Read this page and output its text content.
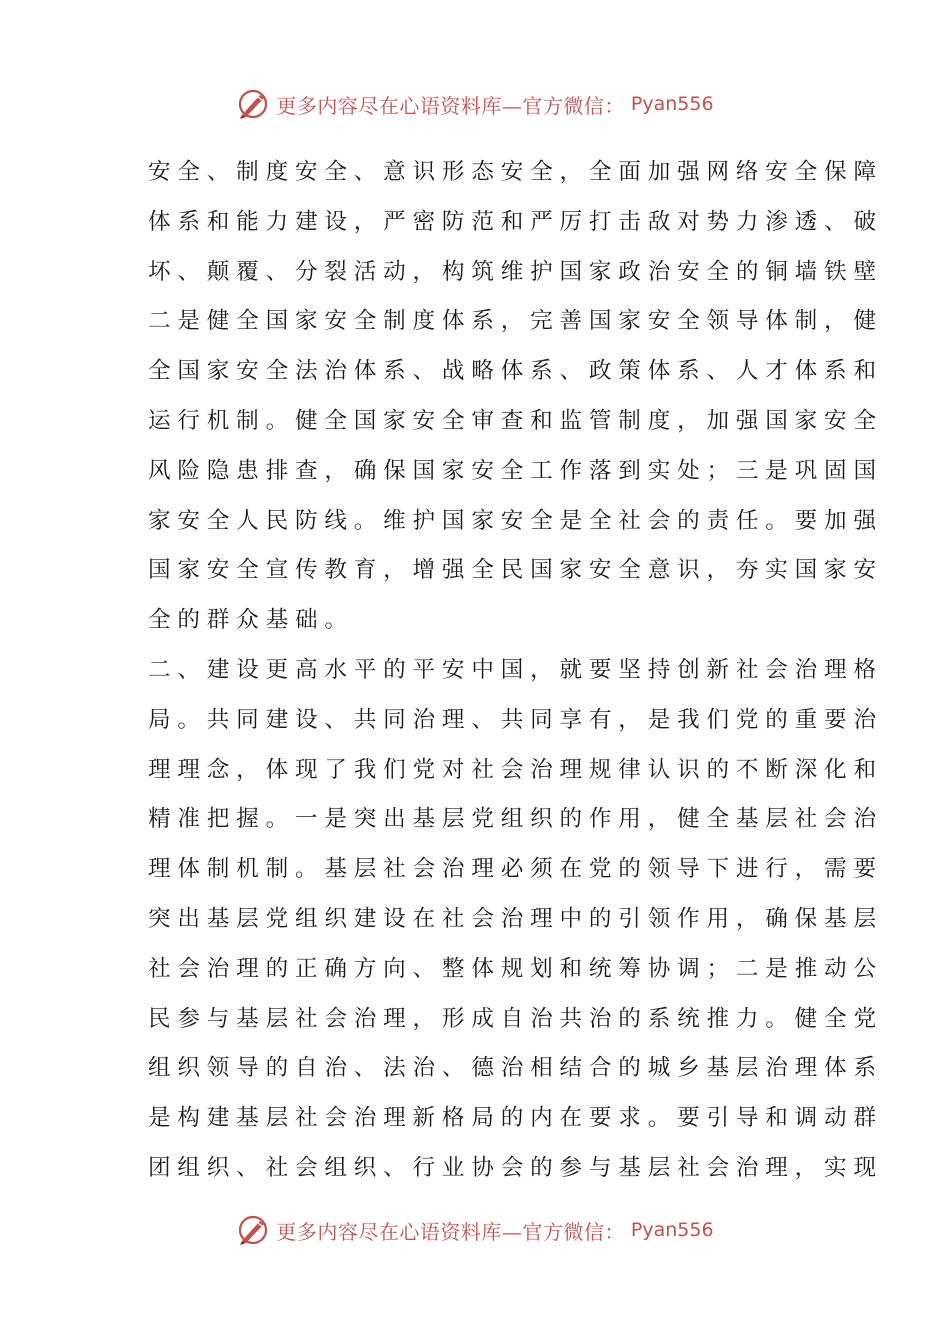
更多内容尽在心语资料库—官方微信： Pyan556
安全、制度安全、意识形态安全，全面加强网络安全保障
体系和能力建设，严密防范和严厉打击敌对势力渗透、破
坏、颠覆、分裂活动，构筑维护国家政治安全的铜墙铁壁
二是健全国家安全制度体系，完善国家安全领导体制，健
全国家安全法治体系、战略体系、政策体系、人才体系和
运行机制。健全国家安全审查和监管制度，加强国家安全
风险隐患排查，确保国家安全工作落到实处；三是巩固国
家安全人民防线。维护国家安全是全社会的责任。要加强
国家安全宣传教育，增强全民国家安全意识，夯实国家安
全的群众基础。
二、建设更高水平的平安中国，就要坚持创新社会治理格
局。共同建设、共同治理、共同享有，是我们党的重要治
理理念，体现了我们党对社会治理规律认识的不断深化和
精准把握。一是突出基层党组织的作用，健全基层社会治
理体制机制。基层社会治理必须在党的领导下进行，需要
突出基层党组织建设在社会治理中的引领作用，确保基层
社会治理的正确方向、整体规划和统筹协调；二是推动公
民参与基层社会治理，形成自治共治的系统推力。健全党
组织领导的自治、法治、德治相结合的城乡基层治理体系
是构建基层社会治理新格局的内在要求。要引导和调动群
团组织、社会组织、行业协会的参与基层社会治理，实现
更多内容尽在心语资料库—官方微信： Pyan556
